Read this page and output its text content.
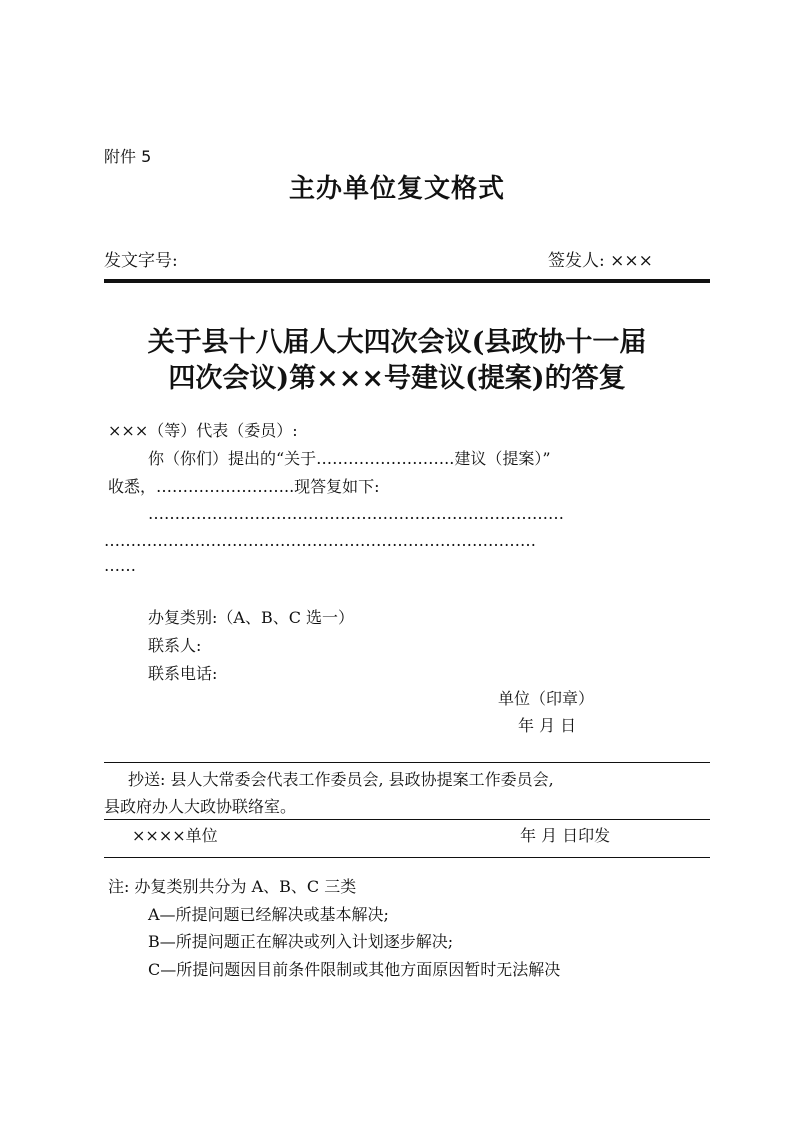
附件 5
主办单位复文格式
发文字号:	签发人: ×××
关于县十八届人大四次会议(县政协十一届
四次会议)第×××号建议(提案)的答复
×××（等）代表（委员）:
你（你们）提出的“关于……………………..建议（提案）”
收悉，……………………..现答复如下:
……………………………………………………………………
………………………………………………………………………
……
办复类别:（A、B、C 选一）
联系人:
联系电话:
单位（印章）
年 月 日
抄送: 县人大常委会代表工作委员会, 县政协提案工作委员会,
县政府办人大政协联络室。
××××单位	年 月 日印发
注: 办复类别共分为 A、B、C 三类
A—所提问题已经解决或基本解决;
B—所提问题正在解决或列入计划逐步解决;
C—所提问题因目前条件限制或其他方面原因暂时无法解决
